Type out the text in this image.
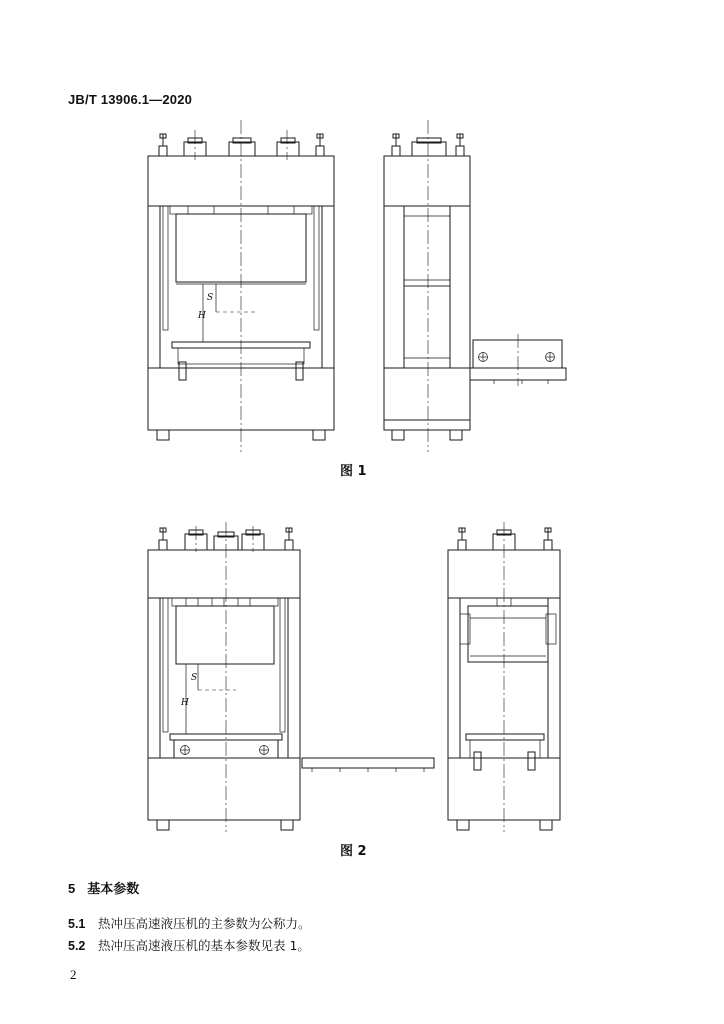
JB/T 13906.1—2020
H
S
H
S
图 1
图 2
5 基本参数
5.1 热冲压高速液压机的主参数为公称力。
5.2 热冲压高速液压机的基本参数见表 1。
2
